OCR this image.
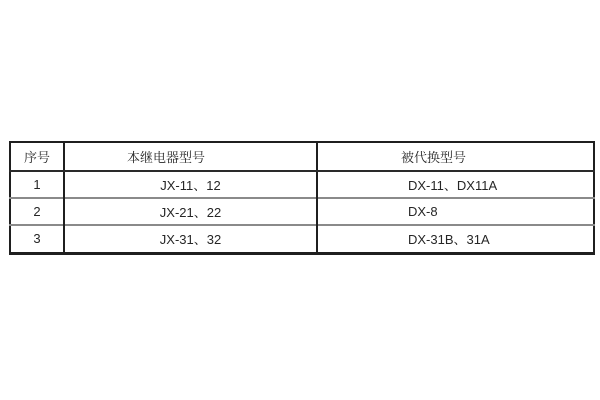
序号	本继电器型号	被代换型号
1	JX-11、12	DX-11、DX11A
2	JX-21、22	DX-8
3	JX-31、32	DX-31B、31A
